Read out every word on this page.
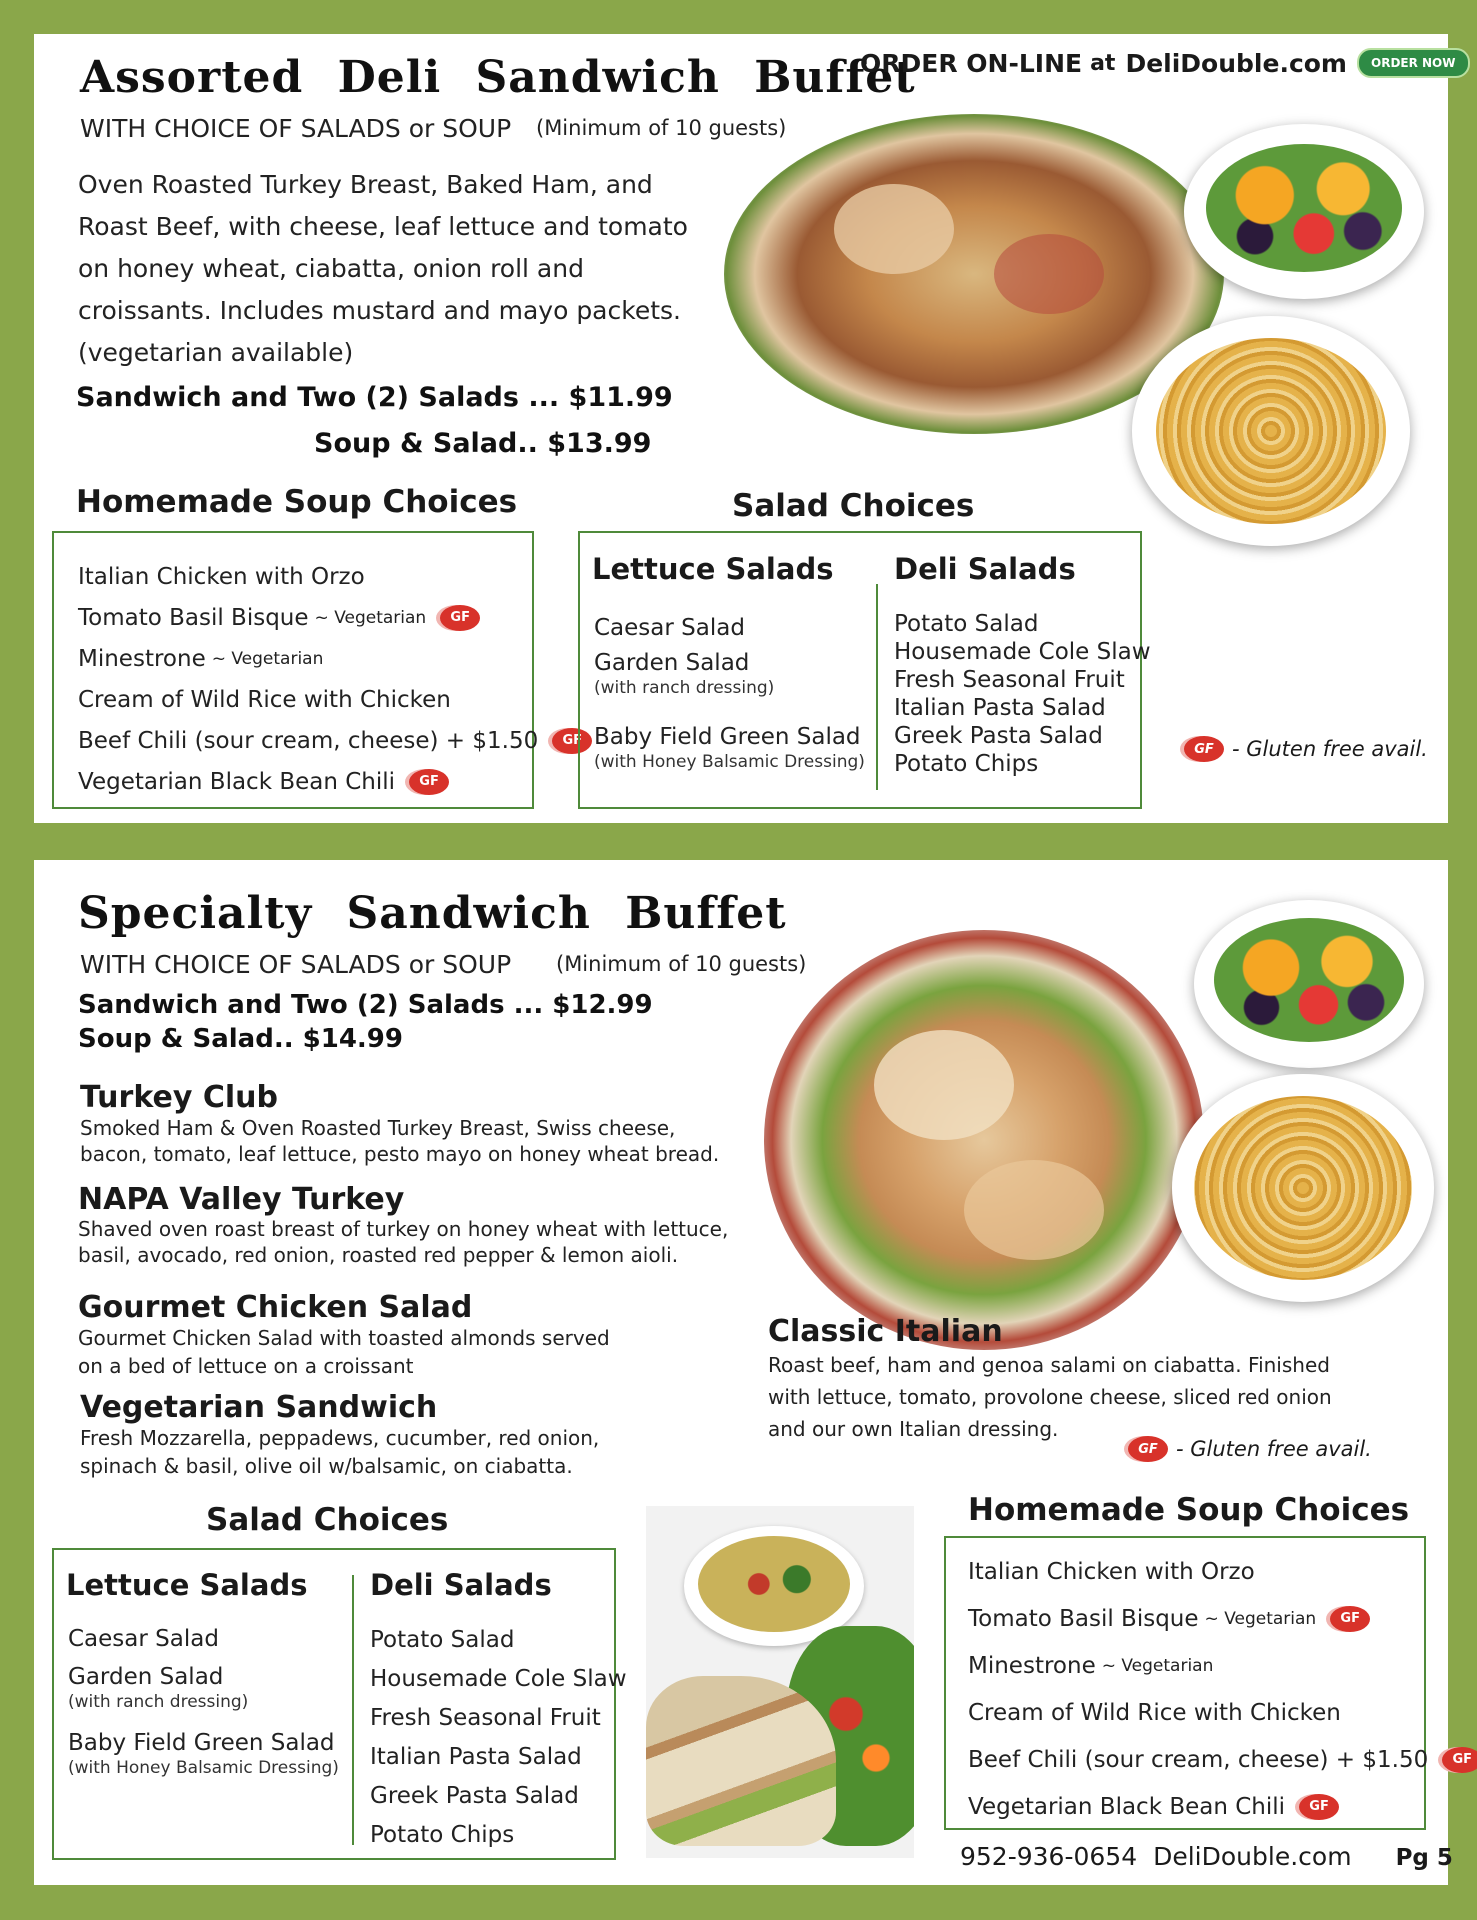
Assorted Deli Sandwich Buffet
ORDER ON-LINE at DeliDouble.com	ORDER NOW
WITH CHOICE OF SALADS or SOUP (Minimum of 10 guests)
Oven Roasted Turkey Breast, Baked Ham, and
Roast Beef, with cheese, leaf lettuce and tomato
on honey wheat, ciabatta, onion roll and
croissants. Includes mustard and mayo packets.
(vegetarian available)
Sandwich and Two (2) Salads ... $11.99
Soup & Salad.. $13.99
Homemade Soup Choices	Salad Choices
Italian Chicken with Orzo
Tomato Basil Bisque ~ Vegetarian	GF
Minestrone ~ Vegetarian
Cream of Wild Rice with Chicken
Beef Chili (sour cream, cheese) + $1.50	GF
Vegetarian Black Bean Chili	GF
Lettuce Salads Deli Salads
Caesar Salad
Garden Salad
(with ranch dressing)
Baby Field Green Salad
(with Honey Balsamic Dressing)
Potato Salad
Housemade Cole Slaw
Fresh Seasonal Fruit
Italian Pasta Salad
Greek Pasta Salad
Potato Chips
GF - Gluten free avail.
Specialty Sandwich Buffet
WITH CHOICE OF SALADS or SOUP (Minimum of 10 guests)
Sandwich and Two (2) Salads ... $12.99
Soup & Salad.. $14.99
Turkey Club
Smoked Ham & Oven Roasted Turkey Breast, Swiss cheese,
bacon, tomato, leaf lettuce, pesto mayo on honey wheat bread.
NAPA Valley Turkey
Shaved oven roast breast of turkey on honey wheat with lettuce,
basil, avocado, red onion, roasted red pepper & lemon aioli.
Gourmet Chicken Salad
Gourmet Chicken Salad with toasted almonds served
on a bed of lettuce on a croissant
Vegetarian Sandwich
Fresh Mozzarella, peppadews, cucumber, red onion,
spinach & basil, olive oil w/balsamic, on ciabatta.
Classic Italian
Roast beef, ham and genoa salami on ciabatta. Finished
with lettuce, tomato, provolone cheese, sliced red onion
and our own Italian dressing.
GF - Gluten free avail.
Salad Choices
Lettuce Salads Deli Salads
Caesar Salad
Garden Salad
(with ranch dressing)
Baby Field Green Salad
(with Honey Balsamic Dressing)
Potato Salad
Housemade Cole Slaw
Fresh Seasonal Fruit
Italian Pasta Salad
Greek Pasta Salad
Potato Chips
Homemade Soup Choices
Italian Chicken with Orzo
Tomato Basil Bisque ~ Vegetarian	GF
Minestrone ~ Vegetarian
Cream of Wild Rice with Chicken
Beef Chili (sour cream, cheese) + $1.50	GF
Vegetarian Black Bean Chili	GF
952-936-0654 DeliDouble.com Pg 5
